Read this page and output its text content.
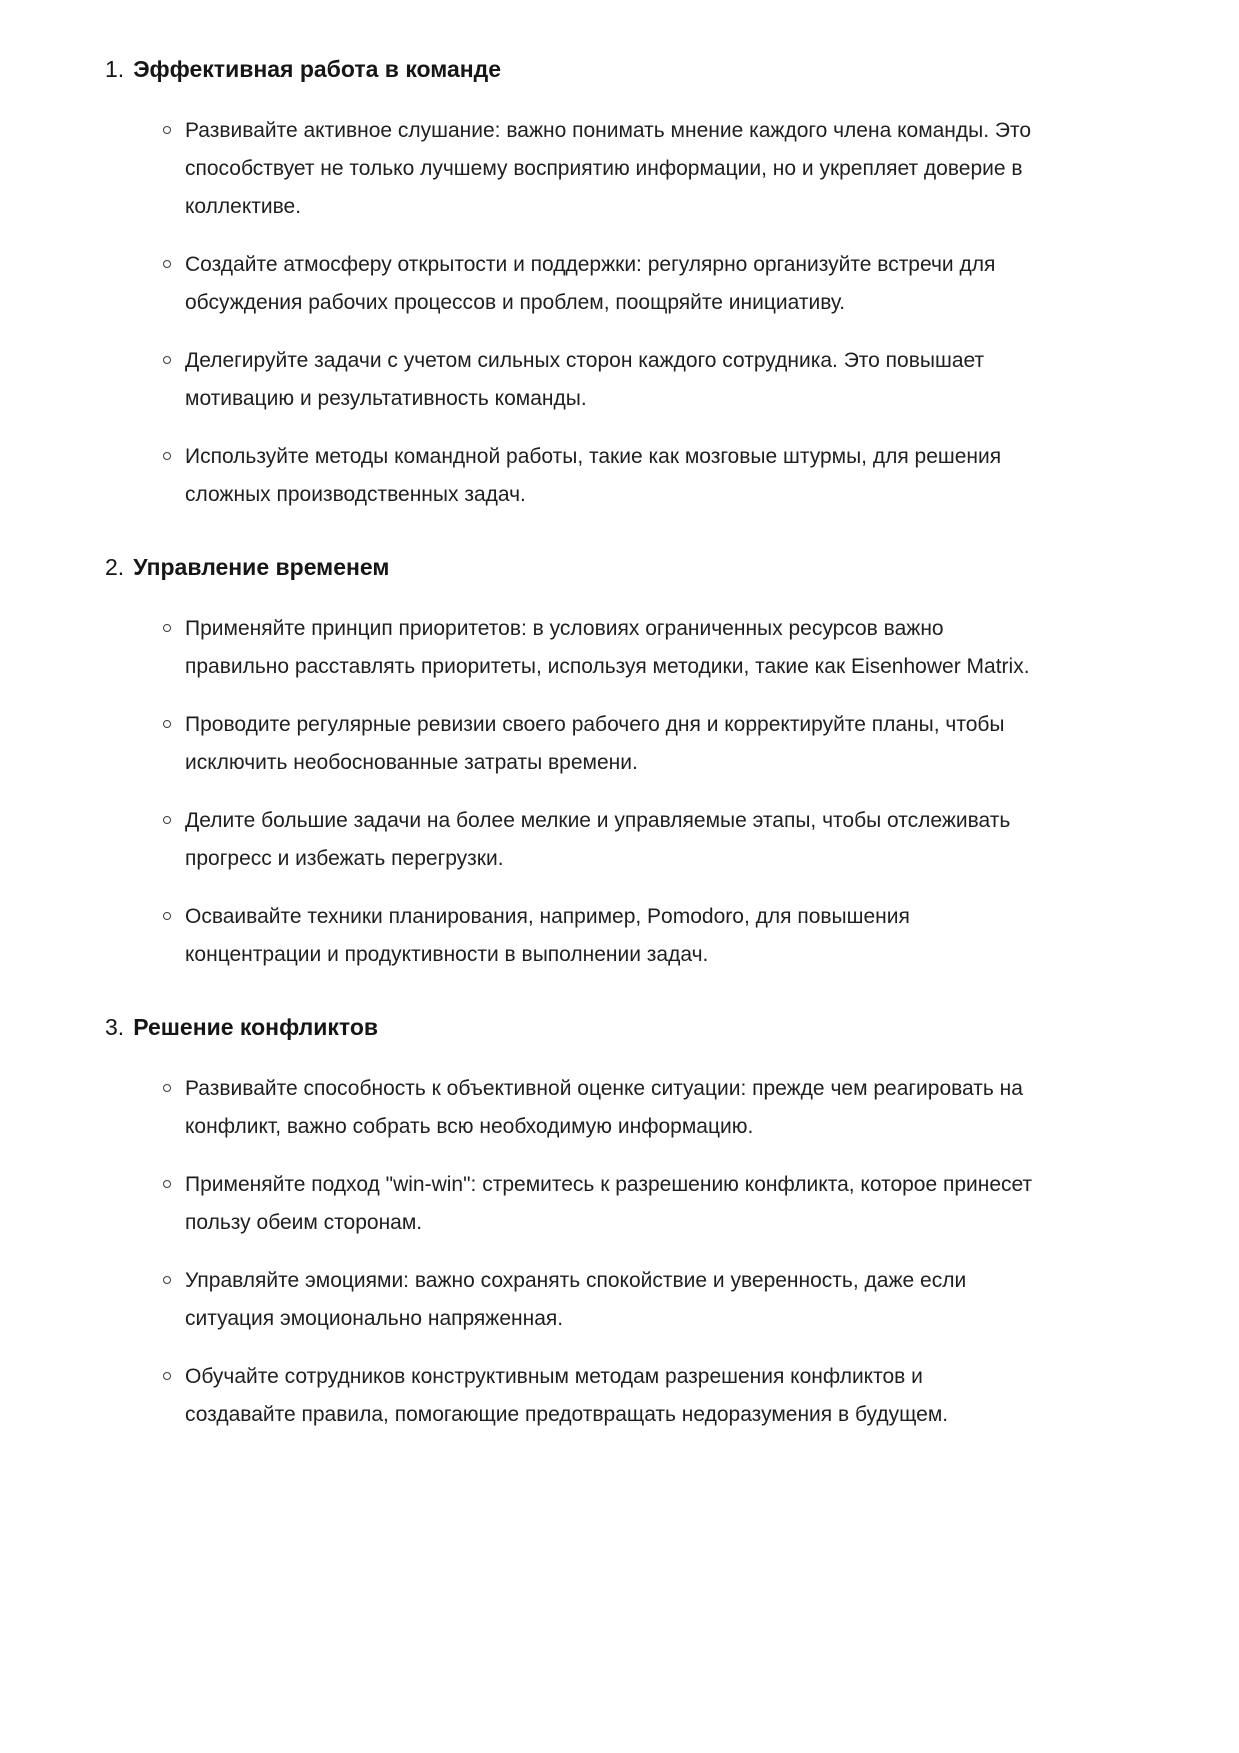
1. Эффективная работа в команде
Развивайте активное слушание: важно понимать мнение каждого члена команды. Это способствует не только лучшему восприятию информации, но и укрепляет доверие в коллективе.
Создайте атмосферу открытости и поддержки: регулярно организуйте встречи для обсуждения рабочих процессов и проблем, поощряйте инициативу.
Делегируйте задачи с учетом сильных сторон каждого сотрудника. Это повышает мотивацию и результативность команды.
Используйте методы командной работы, такие как мозговые штурмы, для решения сложных производственных задач.
2. Управление временем
Применяйте принцип приоритетов: в условиях ограниченных ресурсов важно правильно расставлять приоритеты, используя методики, такие как Eisenhower Matrix.
Проводите регулярные ревизии своего рабочего дня и корректируйте планы, чтобы исключить необоснованные затраты времени.
Делите большие задачи на более мелкие и управляемые этапы, чтобы отслеживать прогресс и избежать перегрузки.
Осваивайте техники планирования, например, Pomodoro, для повышения концентрации и продуктивности в выполнении задач.
3. Решение конфликтов
Развивайте способность к объективной оценке ситуации: прежде чем реагировать на конфликт, важно собрать всю необходимую информацию.
Применяйте подход "win-win": стремитесь к разрешению конфликта, которое принесет пользу обеим сторонам.
Управляйте эмоциями: важно сохранять спокойствие и уверенность, даже если ситуация эмоционально напряженная.
Обучайте сотрудников конструктивным методам разрешения конфликтов и создавайте правила, помогающие предотвращать недоразумения в будущем.
